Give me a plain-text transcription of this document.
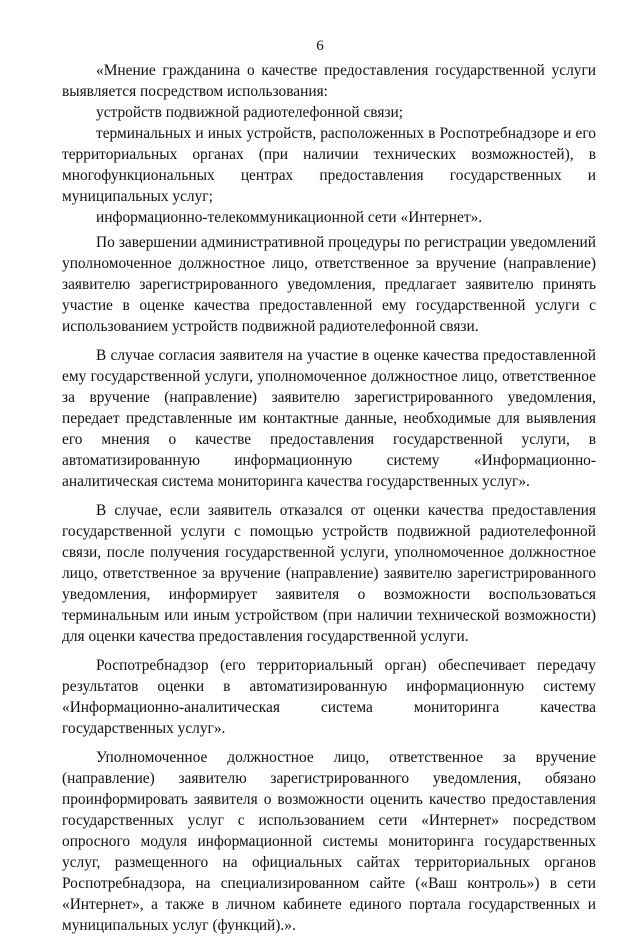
6

«Мнение гражданина о качестве предоставления государственной услуги выявляется посредством использования:

устройств подвижной радиотелефонной связи;

терминальных и иных устройств, расположенных в Роспотребнадзоре и его территориальных органах (при наличии технических возможностей), в многофункциональных центрах предоставления государственных и муниципальных услуг;

информационно-телекоммуникационной сети «Интернет».

По завершении административной процедуры по регистрации уведомлений уполномоченное должностное лицо, ответственное за вручение (направление) заявителю зарегистрированного уведомления, предлагает заявителю принять участие в оценке качества предоставленной ему государственной услуги с использованием устройств подвижной радиотелефонной связи.

В случае согласия заявителя на участие в оценке качества предоставленной ему государственной услуги, уполномоченное должностное лицо, ответственное за вручение (направление) заявителю зарегистрированного уведомления, передает представленные им контактные данные, необходимые для выявления его мнения о качестве предоставления государственной услуги, в автоматизированную информационную систему «Информационно-аналитическая система мониторинга качества государственных услуг».

В случае, если заявитель отказался от оценки качества предоставления государственной услуги с помощью устройств подвижной радиотелефонной связи, после получения государственной услуги, уполномоченное должностное лицо, ответственное за вручение (направление) заявителю зарегистрированного уведомления, информирует заявителя о возможности воспользоваться терминальным или иным устройством (при наличии технической возможности) для оценки качества предоставления государственной услуги.

Роспотребнадзор (его территориальный орган) обеспечивает передачу результатов оценки в автоматизированную информационную систему «Информационно-аналитическая система мониторинга качества государственных услуг».

Уполномоченное должностное лицо, ответственное за вручение (направление) заявителю зарегистрированного уведомления, обязано проинформировать заявителя о возможности оценить качество предоставления государственных услуг с использованием сети «Интернет» посредством опросного модуля информационной системы мониторинга государственных услуг, размещенного на официальных сайтах территориальных органов Роспотребнадзора, на специализированном сайте («Ваш контроль») в сети «Интернет», а также в личном кабинете единого портала государственных и муниципальных услуг (функций).».
